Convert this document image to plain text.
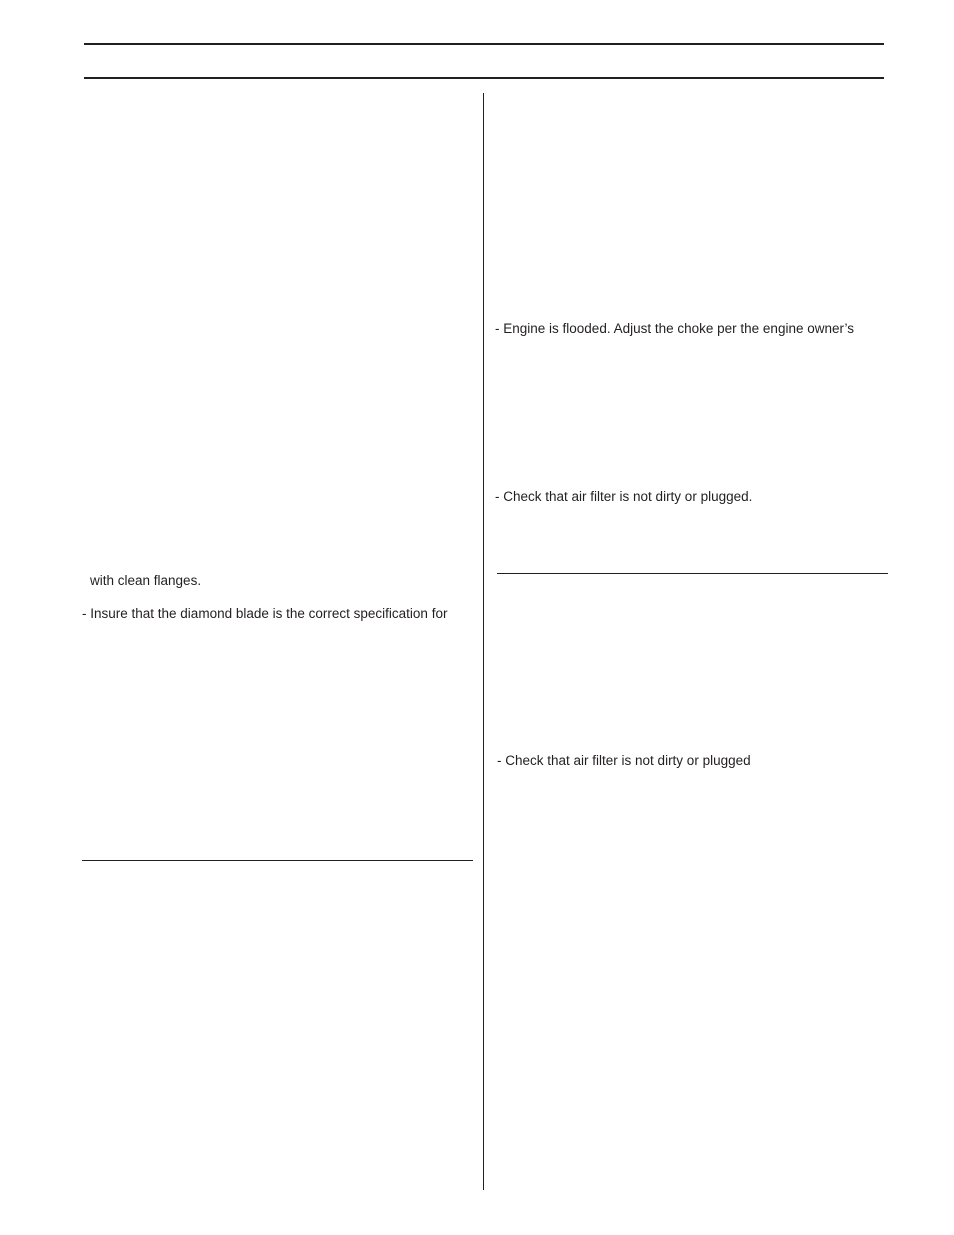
- Engine is flooded. Adjust the choke per the engine owner’s
- Check that air filter is not dirty or plugged.
with clean flanges.
- Insure that the diamond blade is the correct specification for
- Check that air filter is not dirty or plugged
